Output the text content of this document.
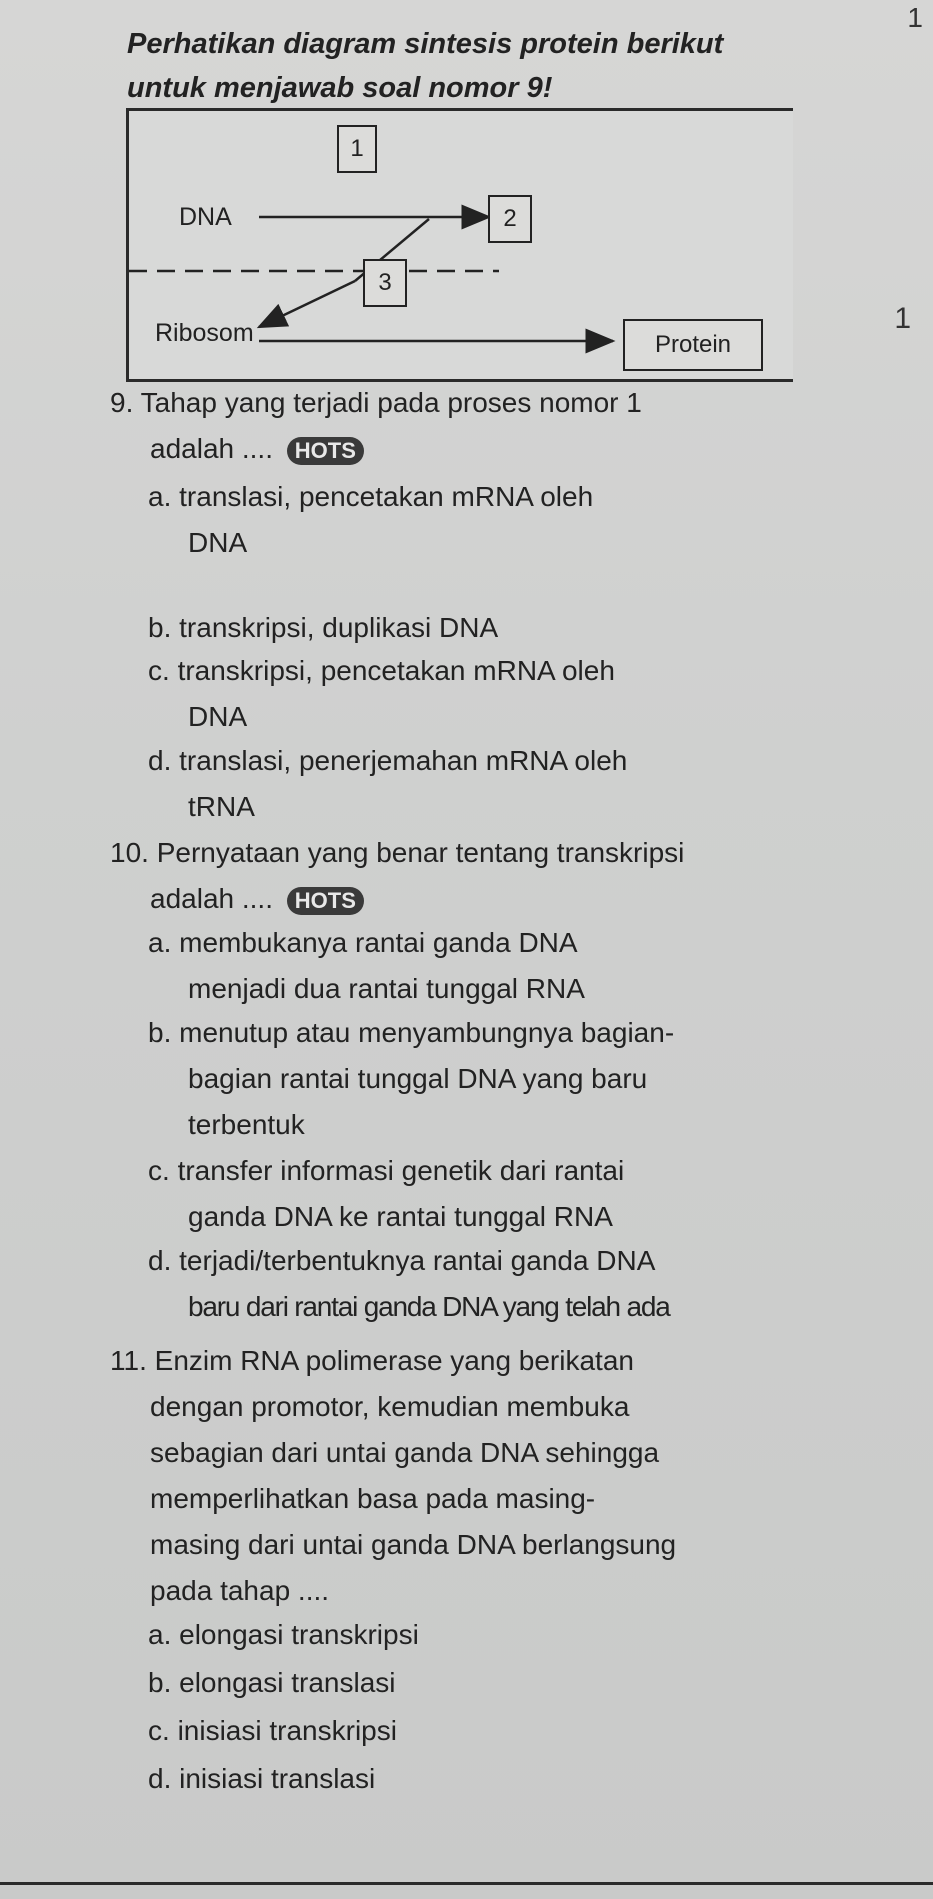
1
1
Perhatikan diagram sintesis protein berikut
untuk menjawab soal nomor 9!
1
DNA	2
3
Ribosom	Protein
9. Tahap yang terjadi pada proses nomor 1
adalah .... HOTS
a. translasi, pencetakan mRNA oleh
DNA
b. transkripsi, duplikasi DNA
c. transkripsi, pencetakan mRNA oleh
DNA
d. translasi, penerjemahan mRNA oleh
tRNA
10. Pernyataan yang benar tentang transkripsi
adalah .... HOTS
a. membukanya rantai ganda DNA
menjadi dua rantai tunggal RNA
b. menutup atau menyambungnya bagian-
bagian rantai tunggal DNA yang baru
terbentuk
c. transfer informasi genetik dari rantai
ganda DNA ke rantai tunggal RNA
d. terjadi/terbentuknya rantai ganda DNA
baru dari rantai ganda DNA yang telah ada
11. Enzim RNA polimerase yang berikatan
dengan promotor, kemudian membuka
sebagian dari untai ganda DNA sehingga
memperlihatkan basa pada masing-
masing dari untai ganda DNA berlangsung
pada tahap ....
a. elongasi transkripsi
b. elongasi translasi
c. inisiasi transkripsi
d. inisiasi translasi
